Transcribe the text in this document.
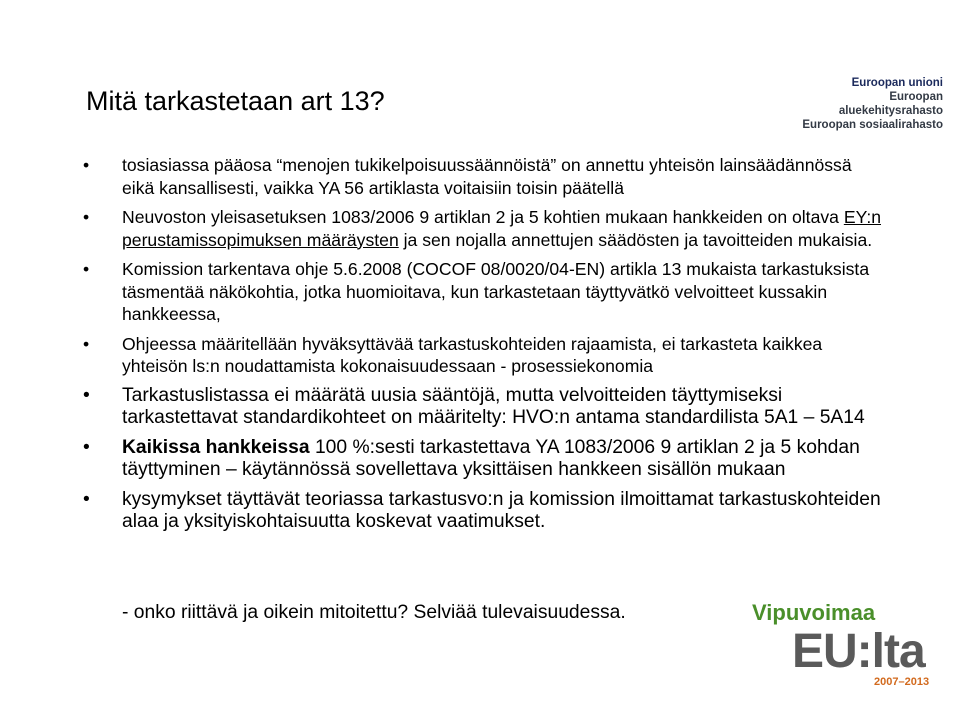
Mitä tarkastetaan art 13?
Euroopan unioni
Euroopan aluekehitysrahasto
Euroopan sosiaalirahasto
• tosiasiassa pääosa “menojen tukikelpoisuussäännöistä” on annettu yhteisön lainsäädännössä eikä kansallisesti, vaikka YA 56 artiklasta voitaisiin toisin päätellä
• Neuvoston yleisasetuksen 1083/2006 9 artiklan 2 ja 5 kohtien mukaan hankkeiden on oltava EY:n perustamissopimuksen määräysten ja sen nojalla annettujen säädösten ja tavoitteiden mukaisia.
• Komission tarkentava ohje 5.6.2008 (COCOF 08/0020/04-EN) artikla 13 mukaista tarkastuksista täsmentää näkökohtia, jotka huomioitava, kun tarkastetaan täyttyvätkö velvoitteet kussakin hankkeessa,
• Ohjeessa määritellään hyväksyttävää tarkastuskohteiden rajaamista, ei tarkasteta kaikkea yhteisön ls:n noudattamista kokonaisuudessaan - prosessiekonomia
• Tarkastuslistassa ei määrätä uusia sääntöjä, mutta velvoitteiden täyttymiseksi tarkastettavat standardikohteet on määritelty: HVO:n antama standardilista 5A1 – 5A14
• Kaikissa hankkeissa 100 %:sesti tarkastettava YA 1083/2006 9 artiklan 2 ja 5 kohdan täyttyminen – käytännössä sovellettava yksittäisen hankkeen sisällön mukaan
• kysymykset täyttävät teoriassa tarkastusvo:n ja komission ilmoittamat tarkastuskohteiden alaa ja yksityiskohtaisuutta koskevat vaatimukset.
- onko riittävä ja oikein mitoitettu? Selviää tulevaisuudessa.	Vipuvoimaa
EU:lta
2007–2013
